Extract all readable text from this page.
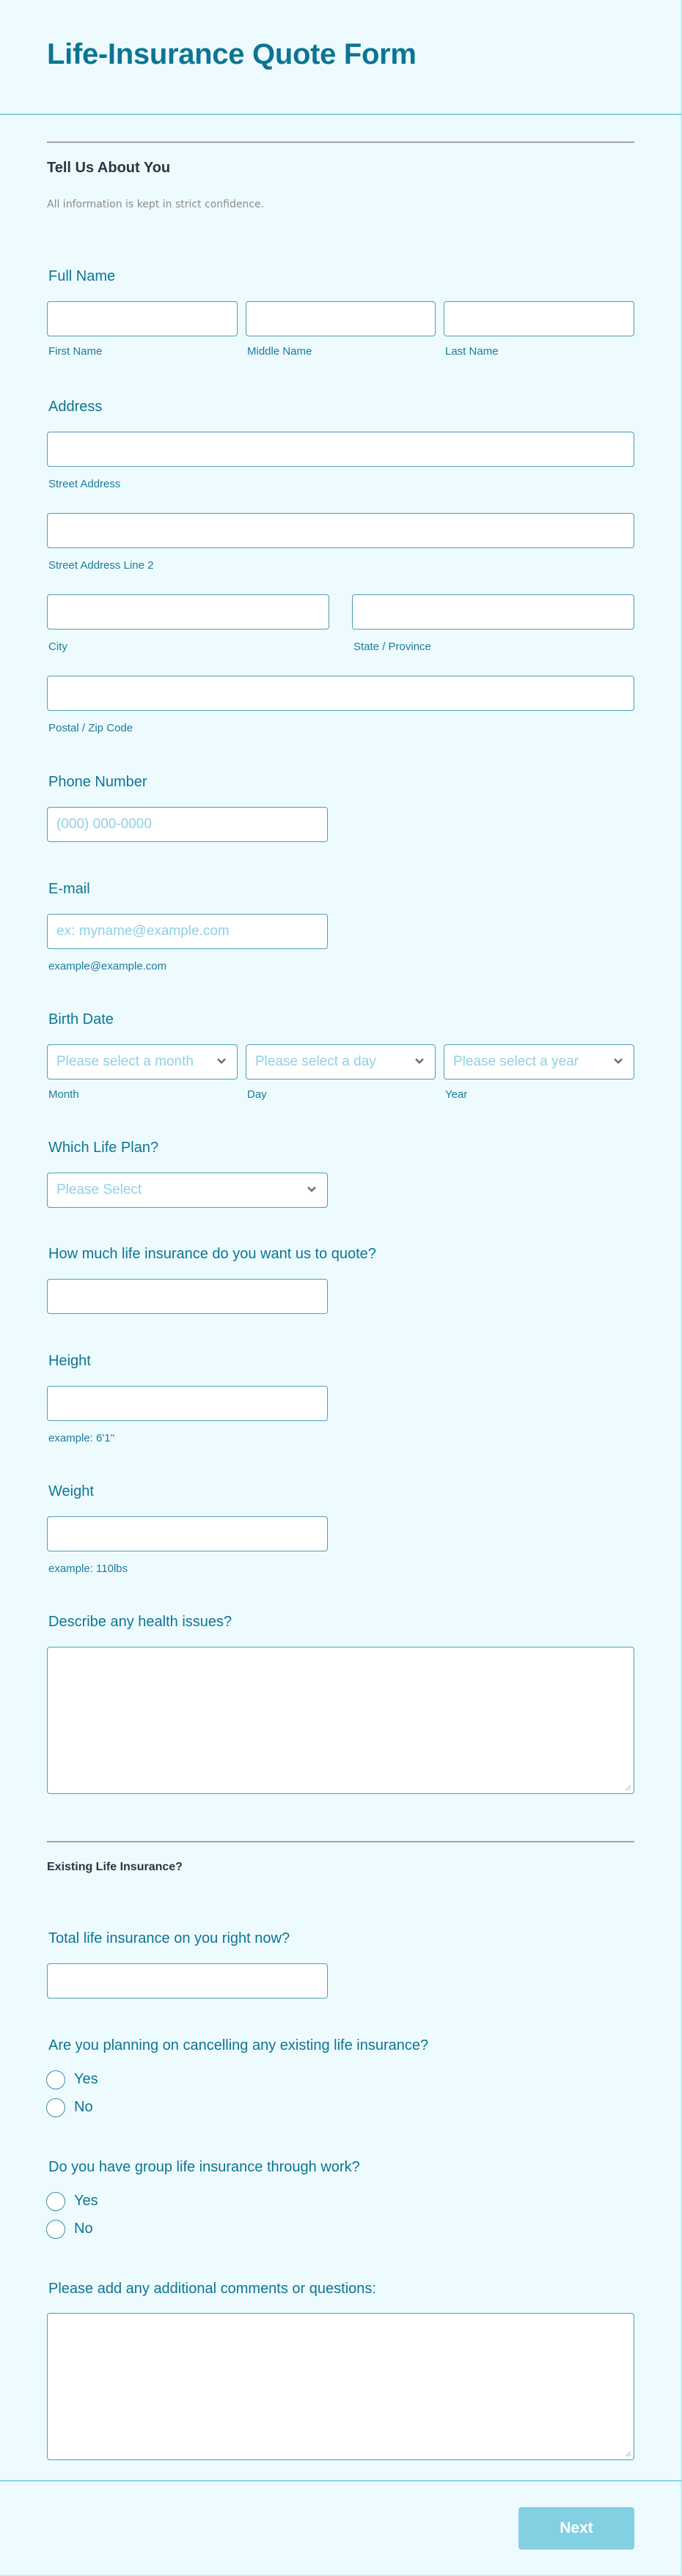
Life-Insurance Quote Form
Tell Us About You
All information is kept in strict confidence.
Full Name
First Name	Middle Name	Last Name
Address
Street Address
Street Address Line 2
City	State / Province
Postal / Zip Code
Phone Number
(000) 000-0000
E-mail
ex: myname@example.com
example@example.com
Birth Date
Please select a month	Please select a day	Please select a year
Month	Day	Year
Which Life Plan?
Please Select
How much life insurance do you want us to quote?
Height
example: 6'1''
Weight
example: 110lbs
Describe any health issues?
Existing Life Insurance?
Total life insurance on you right now?
Are you planning on cancelling any existing life insurance?
Yes
No
Do you have group life insurance through work?
Yes
No
Please add any additional comments or questions:
Next
